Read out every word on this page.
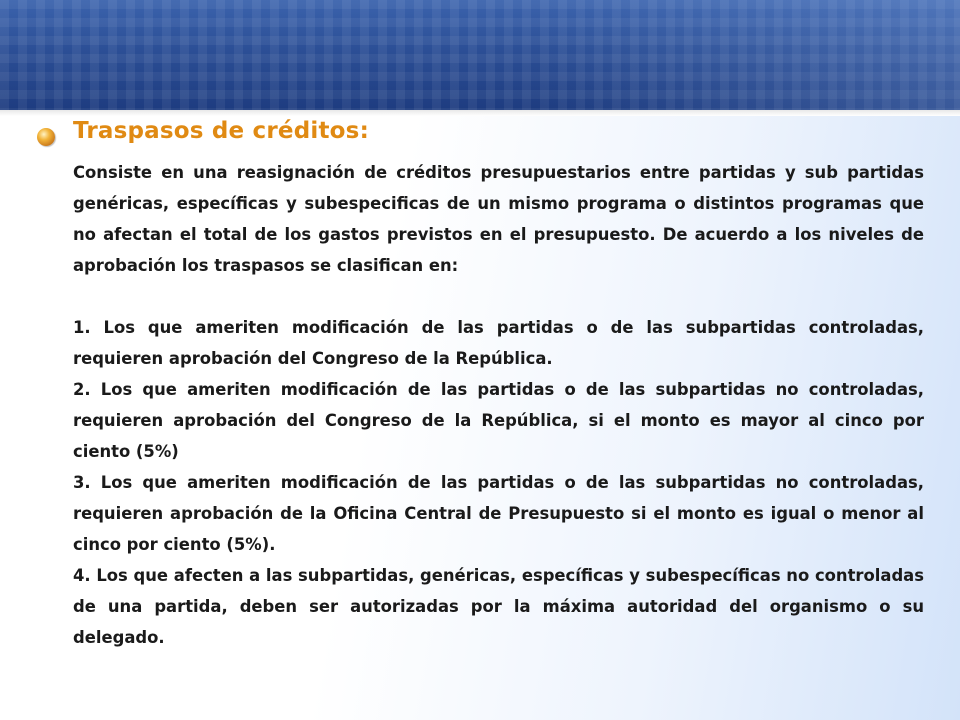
Traspasos de créditos:

Consiste en una reasignación de créditos presupuestarios entre partidas y sub partidas genéricas, específicas y subespecificas de un mismo programa o distintos programas que no afectan el total de los gastos previstos en el presupuesto. De acuerdo a los niveles de aprobación los traspasos se clasifican en:

1. Los que ameriten modificación de las partidas o de las subpartidas controladas, requieren aprobación del Congreso de la República.

2. Los que ameriten modificación de las partidas o de las subpartidas no controladas, requieren aprobación del Congreso de la República, si el monto es mayor al cinco por ciento (5%)

3. Los que ameriten modificación de las partidas o de las subpartidas no controladas, requieren aprobación de la Oficina Central de Presupuesto si el monto es igual o menor al cinco por ciento (5%).

4. Los que afecten a las subpartidas, genéricas, específicas y subespecíficas no controladas de una partida, deben ser autorizadas por la máxima autoridad del organismo o su delegado.
